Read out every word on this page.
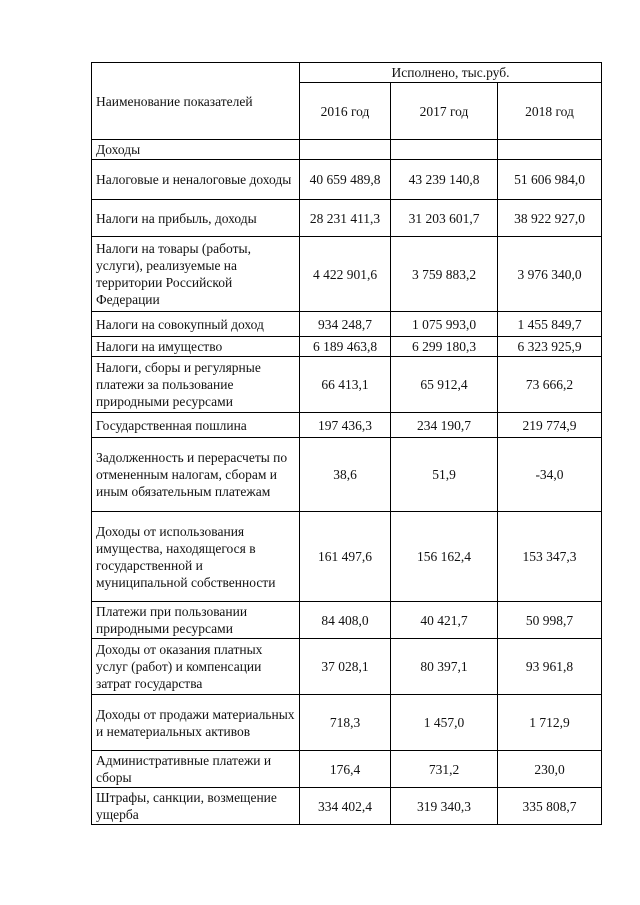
Наименование показателей	Исполнено, тыс.руб.		
	2016 год	2017 год	2018 год
Доходы			
Налоговые и неналоговые доходы	40 659 489,8	43 239 140,8	51 606 984,0
Налоги на прибыль, доходы	28 231 411,3	31 203 601,7	38 922 927,0
Налоги на товары (работы, услуги), реализуемые на территории Российской Федерации	4 422 901,6	3 759 883,2	3 976 340,0
Налоги на совокупный доход	934 248,7	1 075 993,0	1 455 849,7
Налоги на имущество	6 189 463,8	6 299 180,3	6 323 925,9
Налоги, сборы и регулярные платежи за пользование природными ресурсами	66 413,1	65 912,4	73 666,2
Государственная пошлина	197 436,3	234 190,7	219 774,9
Задолженность и перерасчеты по отмененным налогам, сборам и иным обязательным платежам	38,6	51,9	-34,0
Доходы от использования имущества, находящегося в государственной и муниципальной собственности	161 497,6	156 162,4	153 347,3
Платежи при пользовании природными ресурсами	84 408,0	40 421,7	50 998,7
Доходы от оказания платных услуг (работ) и компенсации затрат государства	37 028,1	80 397,1	93 961,8
Доходы от продажи материальных и нематериальных активов	718,3	1 457,0	1 712,9
Административные платежи и сборы	176,4	731,2	230,0
Штрафы, санкции, возмещение ущерба	334 402,4	319 340,3	335 808,7
